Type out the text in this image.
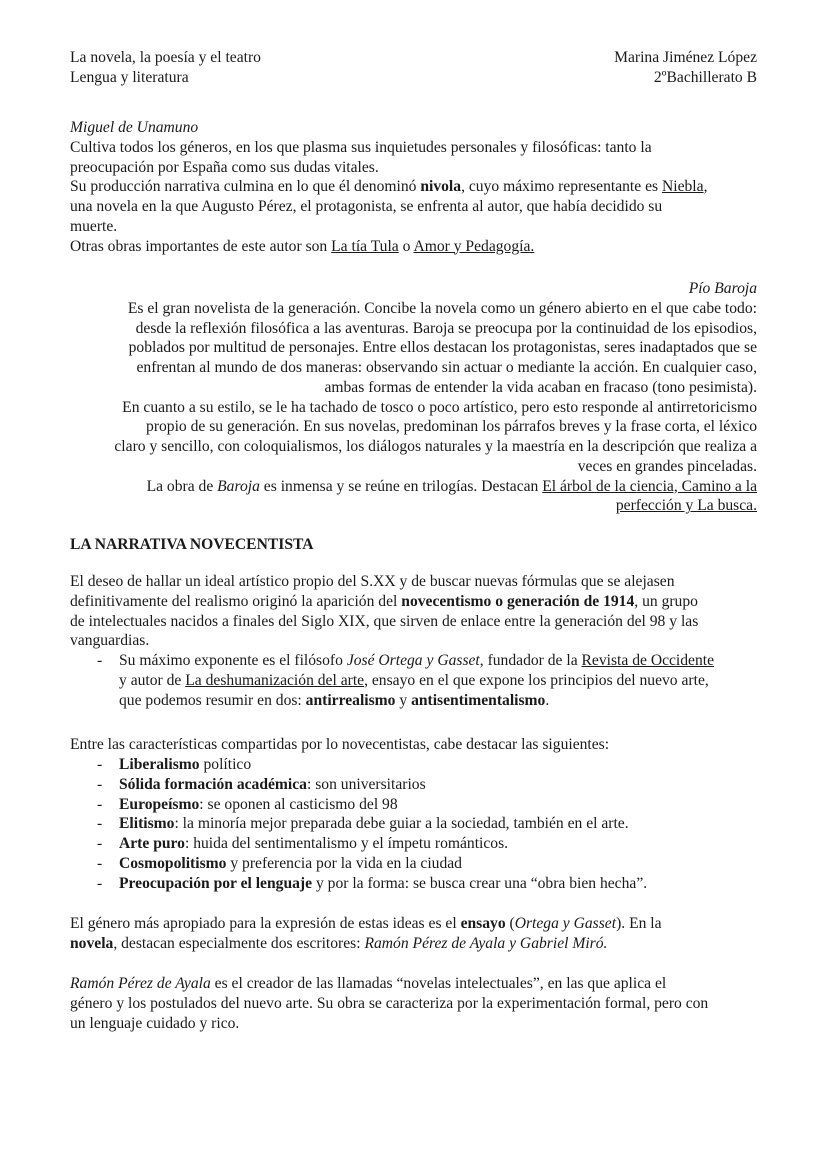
La novela, la poesía y el teatro	Marina Jiménez López
Lengua y literatura	2ºBachillerato B
Miguel de Unamuno
Cultiva todos los géneros, en los que plasma sus inquietudes personales y filosóficas: tanto la
preocupación por España como sus dudas vitales.
Su producción narrativa culmina en lo que él denominó nivola, cuyo máximo representante es Niebla,
una novela en la que Augusto Pérez, el protagonista, se enfrenta al autor, que había decidido su
muerte.
Otras obras importantes de este autor son La tía Tula o Amor y Pedagogía.
Pío Baroja
Es el gran novelista de la generación. Concibe la novela como un género abierto en el que cabe todo:
desde la reflexión filosófica a las aventuras. Baroja se preocupa por la continuidad de los episodios,
poblados por multitud de personajes. Entre ellos destacan los protagonistas, seres inadaptados que se
enfrentan al mundo de dos maneras: observando sin actuar o mediante la acción. En cualquier caso,
ambas formas de entender la vida acaban en fracaso (tono pesimista).
En cuanto a su estilo, se le ha tachado de tosco o poco artístico, pero esto responde al antirretoricismo
propio de su generación. En sus novelas, predominan los párrafos breves y la frase corta, el léxico
claro y sencillo, con coloquialismos, los diálogos naturales y la maestría en la descripción que realiza a
veces en grandes pinceladas.
La obra de Baroja es inmensa y se reúne en trilogías. Destacan El árbol de la ciencia, Camino a la
perfección y La busca.
LA NARRATIVA NOVECENTISTA
El deseo de hallar un ideal artístico propio del S.XX y de buscar nuevas fórmulas que se alejasen
definitivamente del realismo originó la aparición del novecentismo o generación de 1914, un grupo
de intelectuales nacidos a finales del Siglo XIX, que sirven de enlace entre la generación del 98 y las
vanguardias.
- Su máximo exponente es el filósofo José Ortega y Gasset, fundador de la Revista de Occidente
y autor de La deshumanización del arte, ensayo en el que expone los principios del nuevo arte,
que podemos resumir en dos: antirrealismo y antisentimentalismo.
Entre las características compartidas por lo novecentistas, cabe destacar las siguientes:
- Liberalismo político
- Sólida formación académica: son universitarios
- Europeísmo: se oponen al casticismo del 98
- Elitismo: la minoría mejor preparada debe guiar a la sociedad, también en el arte.
- Arte puro: huida del sentimentalismo y el ímpetu románticos.
- Cosmopolitismo y preferencia por la vida en la ciudad
- Preocupación por el lenguaje y por la forma: se busca crear una “obra bien hecha”.
El género más apropiado para la expresión de estas ideas es el ensayo (Ortega y Gasset). En la
novela, destacan especialmente dos escritores: Ramón Pérez de Ayala y Gabriel Miró.
Ramón Pérez de Ayala es el creador de las llamadas “novelas intelectuales”, en las que aplica el
género y los postulados del nuevo arte. Su obra se caracteriza por la experimentación formal, pero con
un lenguaje cuidado y rico.
